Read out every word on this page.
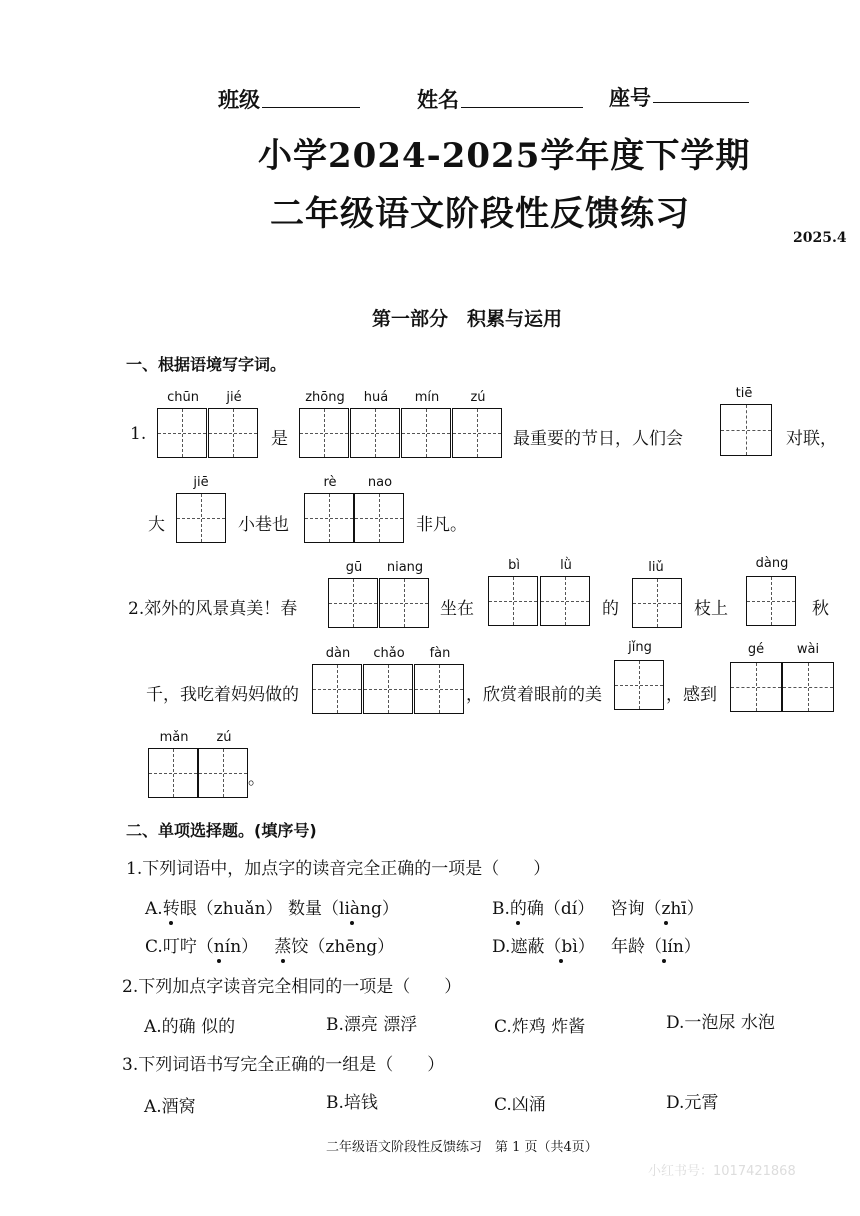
班级	姓名	座号
小学2024-2025学年度下学期
二年级语文阶段性反馈练习
2025.4
第一部分　积累与运用
一、根据语境写字词。
1.
chūn	jié
是
zhōng	huá	mín	zú
最重要的节日，人们会
tiē
对联，
大
jiē
小巷也
rè	nao
非凡。
2.郊外的风景真美！春
gū	niang
坐在
bì	lǜ
的
liǔ
枝上
dàng
秋
千，我吃着妈妈做的
dàn	chǎo	fàn
，欣赏着眼前的美
jǐng
，感到
gé	wài
mǎn	zú
。
二、单项选择题。(填序号)
1.下列词语中，加点字的读音完全正确的一项是（　　）
A.转眼（zhuǎn） 数量（liàng）	B.的确（dí） 咨询（zhī）
C.叮咛（nín） 蒸饺（zhēng）	D.遮蔽（bì） 年龄（lín）
2.下列加点字读音完全相同的一项是（　　）
A.的确 似的	B.漂亮 漂浮	C.炸鸡 炸酱	D.一泡尿 水泡
3.下列词语书写完全正确的一组是（　　）
A.酒窝	B.培钱	C.凶涌	D.元霄
二年级语文阶段性反馈练习　第 1 页（共4页）
小红书号：1017421868
